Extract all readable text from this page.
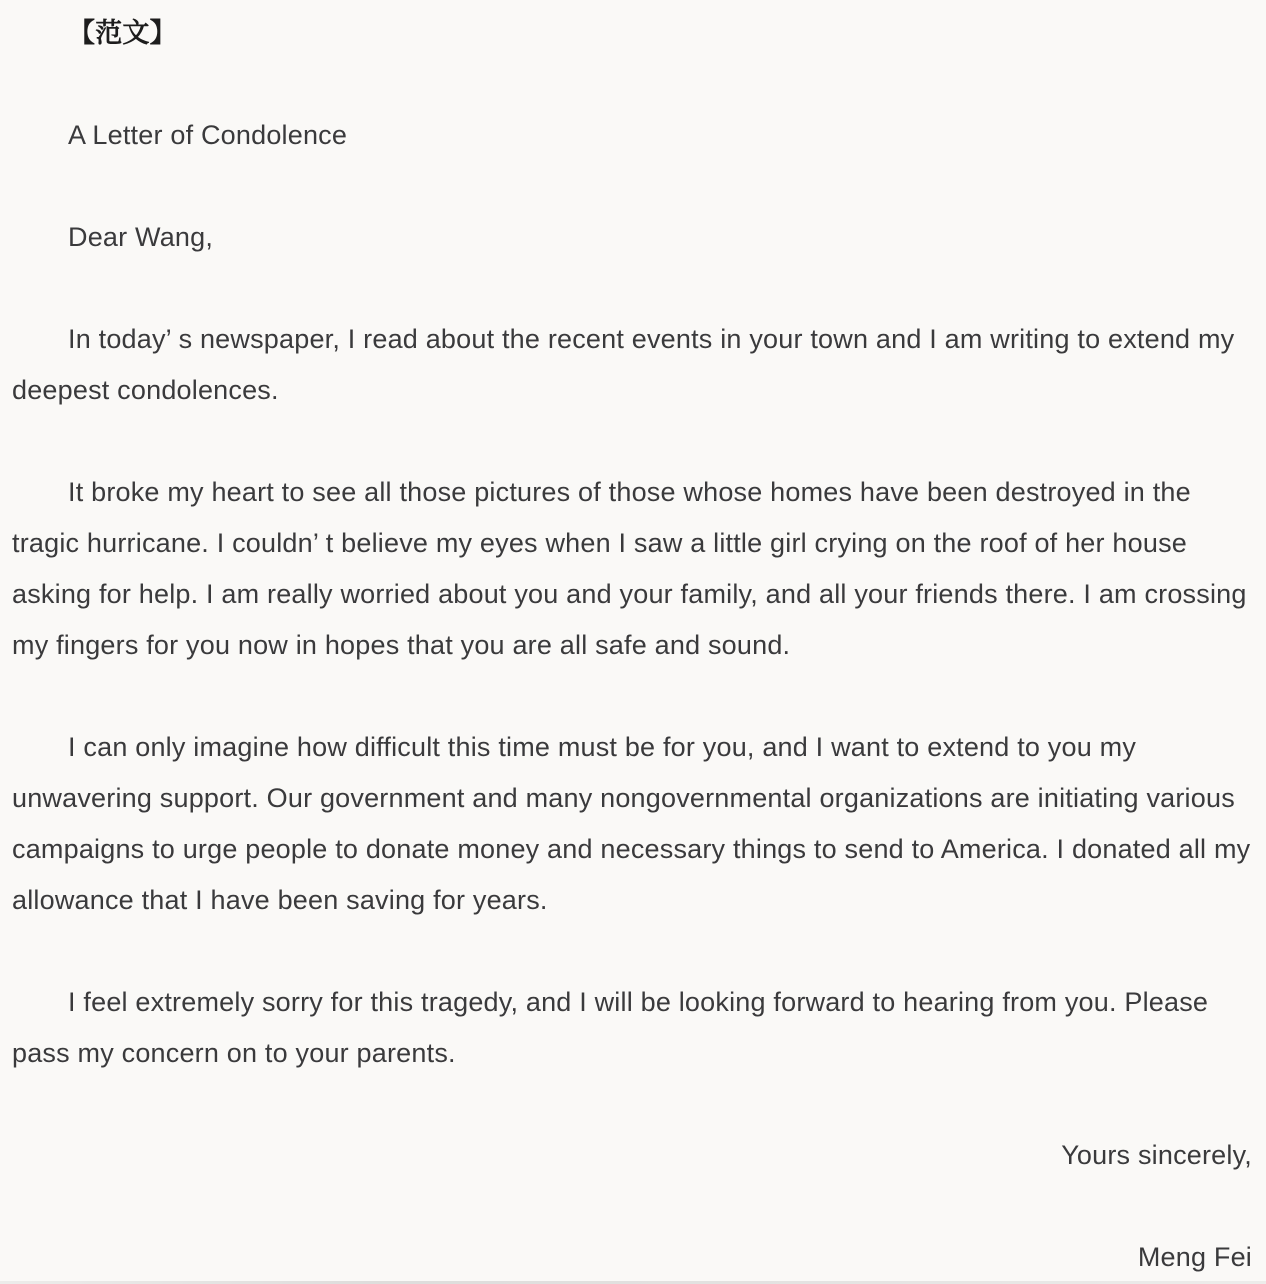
【范文】
A Letter of Condolence
Dear Wang,

In today’ s newspaper, I read about the recent events in your town and I am writing to extend my deepest condolences.

It broke my heart to see all those pictures of those whose homes have been destroyed in the tragic hurricane. I couldn’ t believe my eyes when I saw a little girl crying on the roof of her house asking for help. I am really worried about you and your family, and all your friends there. I am crossing my fingers for you now in hopes that you are all safe and sound.

I can only imagine how difficult this time must be for you, and I want to extend to you my unwavering support. Our government and many nongovernmental organizations are initiating various campaigns to urge people to donate money and necessary things to send to America. I donated all my allowance that I have been saving for years.

I feel extremely sorry for this tragedy, and I will be looking forward to hearing from you. Please pass my concern on to your parents.

Yours sincerely,
Meng Fei
